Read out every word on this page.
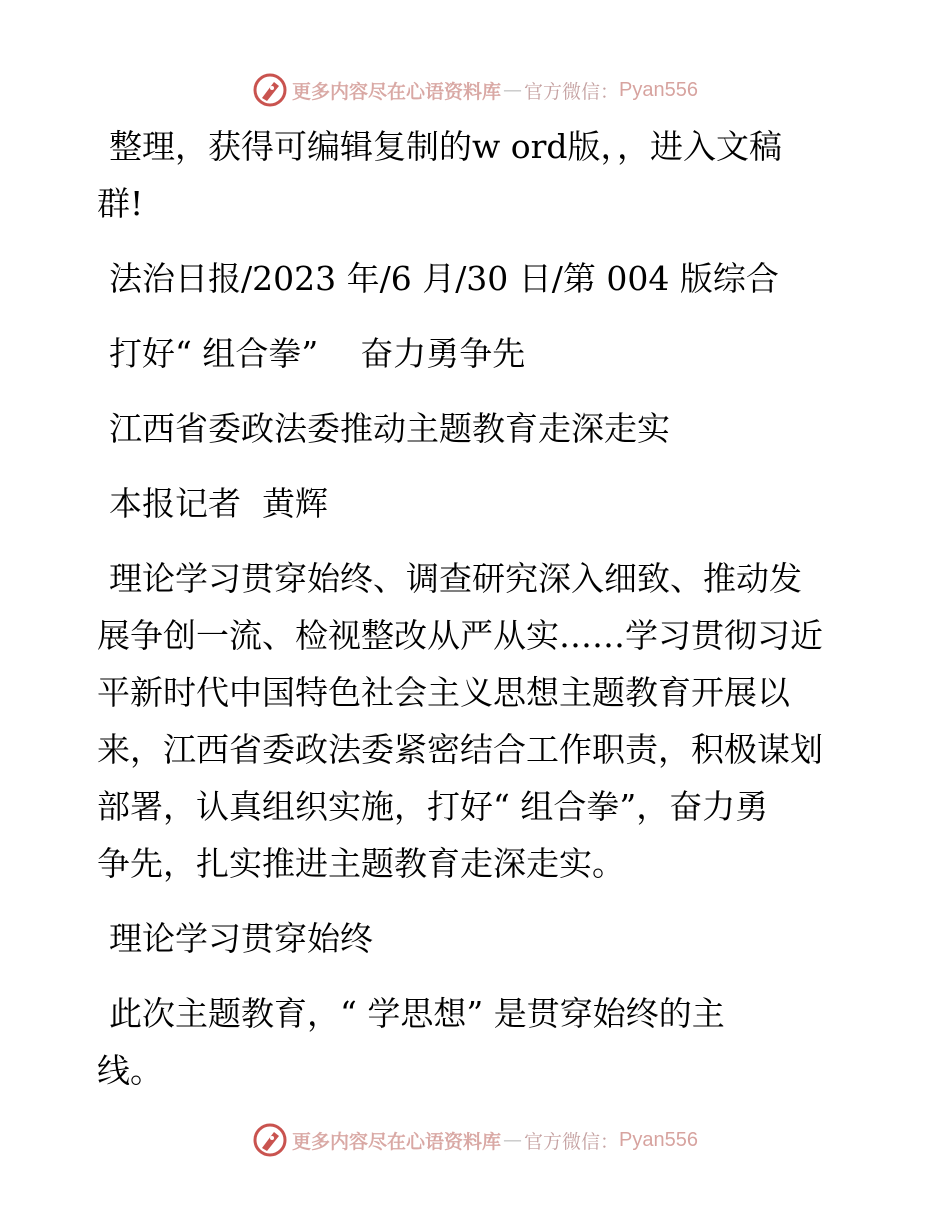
更多内容尽在心语资料库 — 官方微信： Pyan556

整理，获得可编辑复制的w ord版，，进入文稿

群!

法治日报/2023 年/6 月/30 日/第 004 版综合

打好“ 组合拳”    奋力勇争先

江西省委政法委推动主题教育走深走实

本报记者  黄辉

理论学习贯穿始终、调查研究深入细致、推动发

展争创一流、检视整改从严从实……学习贯彻习近

平新时代中国特色社会主义思想主题教育开展以

来，江西省委政法委紧密结合工作职责，积极谋划

部署，认真组织实施，打好“ 组合拳”，奋力勇

争先，扎实推进主题教育走深走实。

理论学习贯穿始终

此次主题教育，“ 学思想” 是贯穿始终的主

线。

更多内容尽在心语资料库 — 官方微信： Pyan556
